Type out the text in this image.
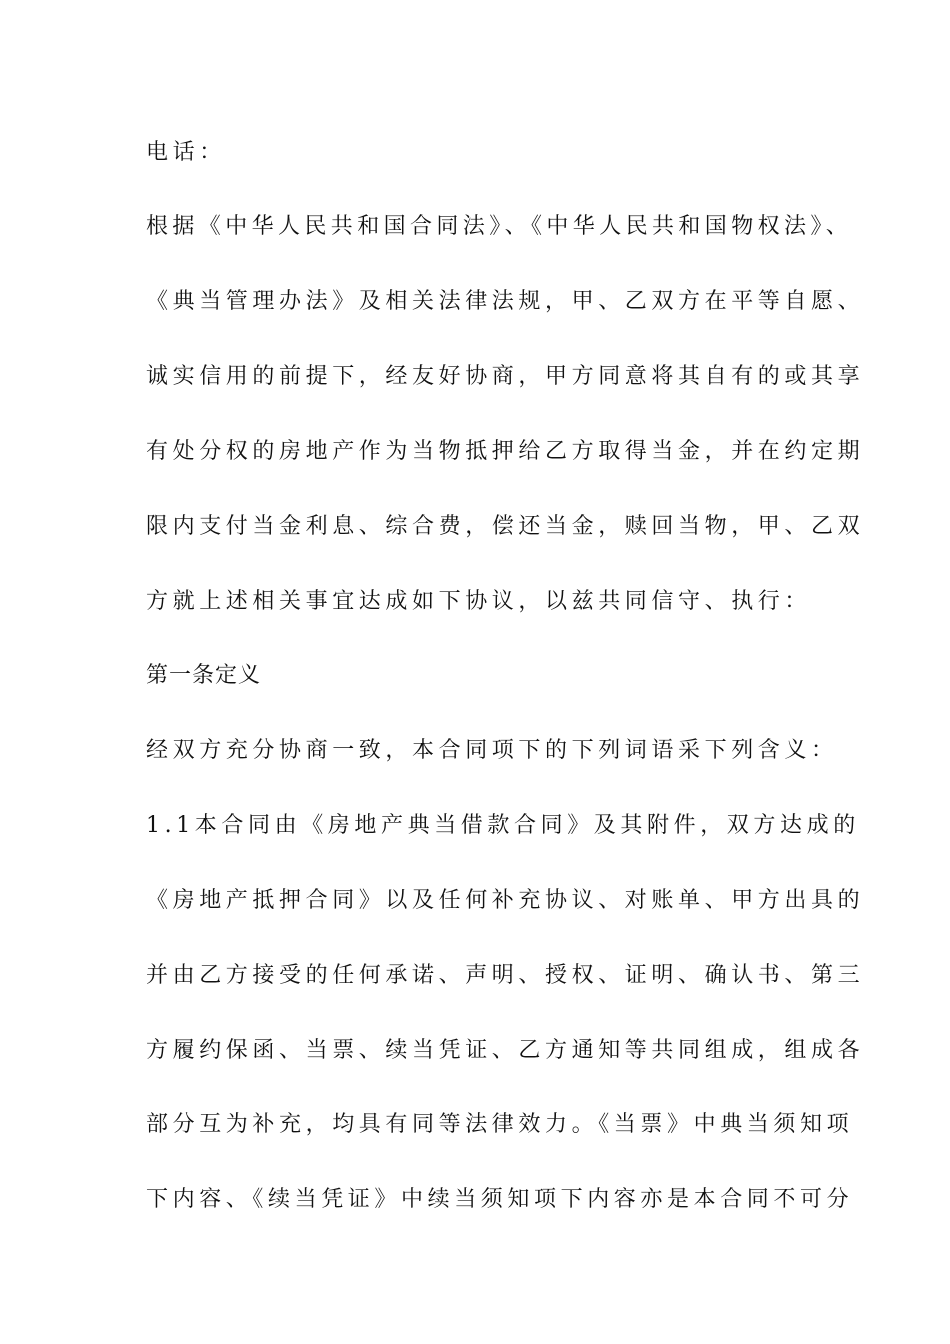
电话：
根据《中华人民共和国合同法》、《中华人民共和国物权法》、
《典当管理办法》及相关法律法规，甲、乙双方在平等自愿、
诚实信用的前提下，经友好协商，甲方同意将其自有的或其享
有处分权的房地产作为当物抵押给乙方取得当金，并在约定期
限内支付当金利息、综合费，偿还当金，赎回当物，甲、乙双
方就上述相关事宜达成如下协议，以兹共同信守、执行：
第一条定义
经双方充分协商一致，本合同项下的下列词语采下列含义：
1.1本合同由《房地产典当借款合同》及其附件，双方达成的
《房地产抵押合同》以及任何补充协议、对账单、甲方出具的
并由乙方接受的任何承诺、声明、授权、证明、确认书、第三
方履约保函、当票、续当凭证、乙方通知等共同组成，组成各
部分互为补充，均具有同等法律效力。《当票》中典当须知项
下内容、《续当凭证》中续当须知项下内容亦是本合同不可分
